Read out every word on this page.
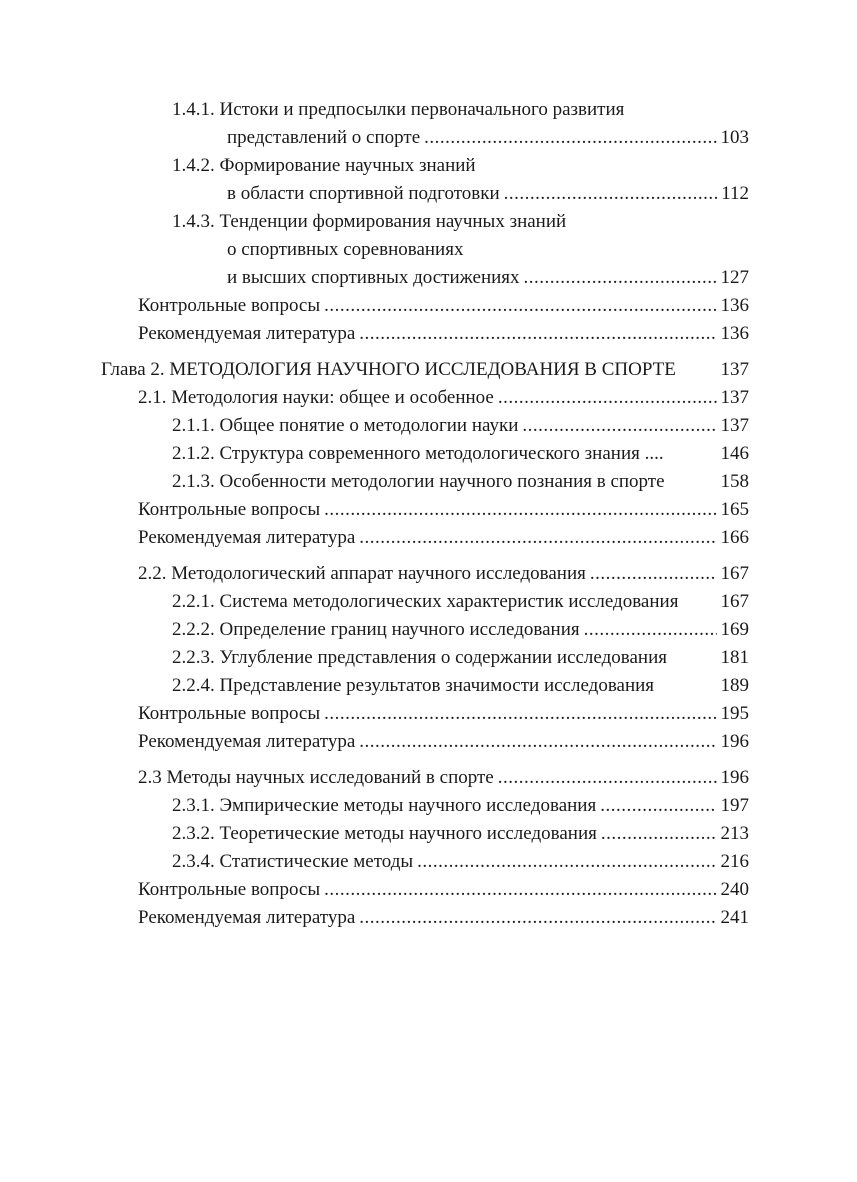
1.4.1. Истоки и предпосылки первоначального развития
представлений о спорте .....	103
1.4.2. Формирование научных знаний
в области спортивной подготовки .....	112
1.4.3. Тенденции формирования научных знаний
о спортивных соревнованиях
и высших спортивных достижениях .....	127
Контрольные вопросы .....	136
Рекомендуемая литература .....	136
Глава 2. МЕТОДОЛОГИЯ НАУЧНОГО ИССЛЕДОВАНИЯ В СПОРТЕ 137
2.1. Методология науки: общее и особенное .....	137
2.1.1. Общее понятие о методологии науки .....	137
2.1.2. Структура современного методологического знания ....	146
2.1.3. Особенности методологии научного познания в спорте	158
Контрольные вопросы .....	165
Рекомендуемая литература .....	166
2.2. Методологический аппарат научного исследования .....	167
2.2.1. Система методологических характеристик исследования 167
2.2.2. Определение границ научного исследования .....	169
2.2.3. Углубление представления о содержании исследования	181
2.2.4. Представление результатов значимости исследования	189
Контрольные вопросы .....	195
Рекомендуемая литература .....	196
2.3 Методы научных исследований в спорте .....	196
2.3.1. Эмпирические методы научного исследования .....	197
2.3.2. Теоретические методы научного исследования .....	213
2.3.4. Статистические методы .....	216
Контрольные вопросы .....	240
Рекомендуемая литература .....	241
